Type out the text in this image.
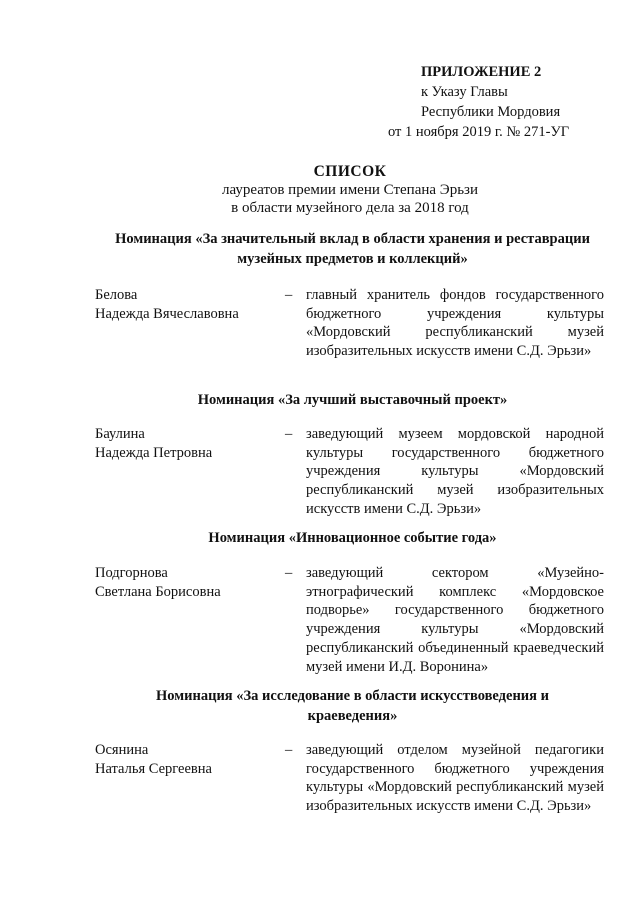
ПРИЛОЖЕНИЕ 2
к Указу Главы
Республики Мордовия
от 1 ноября 2019 г. № 271-УГ
СПИСОК
лауреатов премии имени Степана Эрьзи
в области музейного дела за 2018 год
Номинация «За значительный вклад в области хранения и реставрации
музейных предметов и коллекций»
Белова
Надежда Вячеславовна
– главный хранитель фондов государственного бюджетного учреждения культуры «Мордовский республиканский музей изобразительных искусств имени С.Д. Эрьзи»
Номинация «За лучший выставочный проект»
Баулина
Надежда Петровна
– заведующий музеем мордовской народной культуры государственного бюджетного учреждения культуры «Мордовский республиканский музей изобразительных искусств имени С.Д. Эрьзи»
Номинация «Инновационное событие года»
Подгорнова
Светлана Борисовна
– заведующий сектором «Музейно-этнографический комплекс «Мордовское подворье» государственного бюджетного учреждения культуры «Мордовский республиканский объединенный краеведческий музей имени И.Д. Воронина»
Номинация «За исследование в области искусствоведения и
краеведения»
Осянина
Наталья Сергеевна
– заведующий отделом музейной педагогики государственного бюджетного учреждения культуры «Мордовский республиканский музей изобразительных искусств имени С.Д. Эрьзи»
